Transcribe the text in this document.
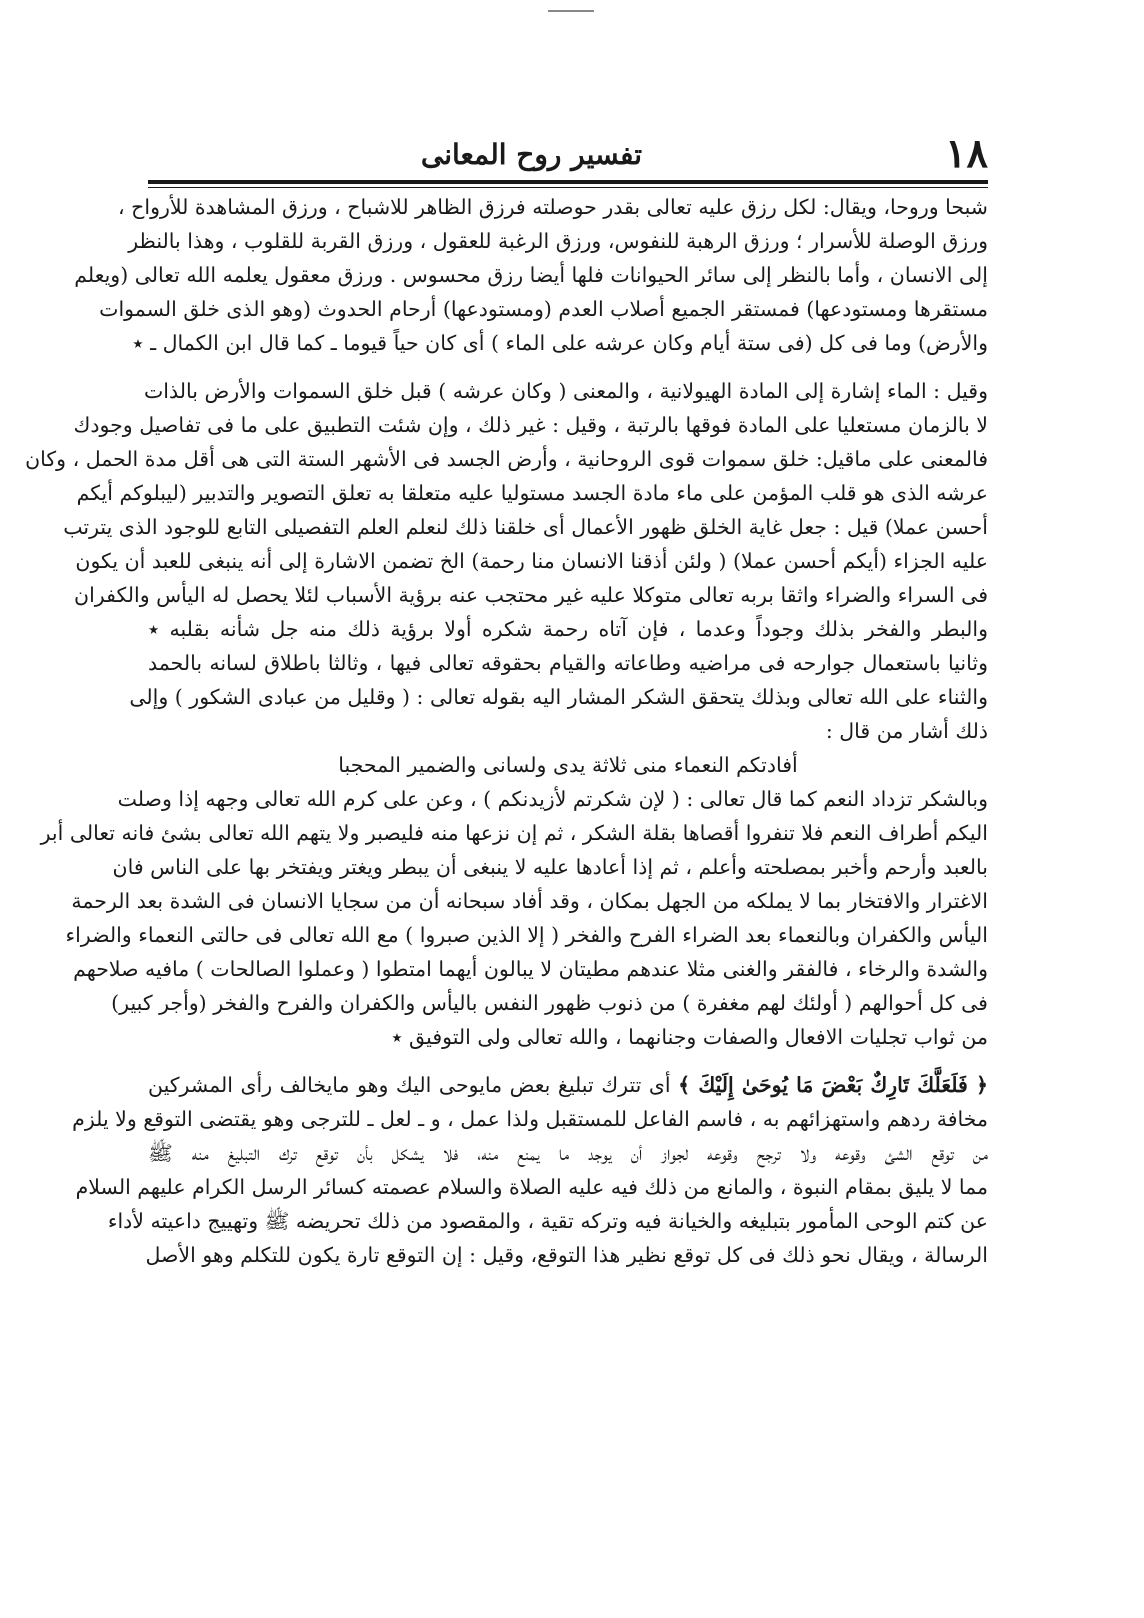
١٨
تفسير روح المعانى
شبحا وروحا، ويقال: لكل رزق عليه تعالى بقدر حوصلته فرزق الظاهر للاشباح ، ورزق المشاهدة للأرواح ،
ورزق الوصلة للأسرار ؛ ورزق الرهبة للنفوس، ورزق الرغبة للعقول ، ورزق القربة للقلوب ، وهذا بالنظر
إلى الانسان ، وأما بالنظر إلى سائر الحيوانات فلها أيضا رزق محسوس . ورزق معقول يعلمه الله تعالى (ويعلم
مستقرها ومستودعها) فمستقر الجميع أصلاب العدم (ومستودعها) أرحام الحدوث (وهو الذى خلق السموات
والأرض) وما فى كل (فى ستة أيام وكان عرشه على الماء ) أى كان حياً قيوما ـ كما قال ابن الكمال ـ ٭
وقيل : الماء إشارة إلى المادة الهيولانية ، والمعنى ( وكان عرشه ) قبل خلق السموات والأرض بالذات
لا بالزمان مستعليا على المادة فوقها بالرتبة ، وقيل : غير ذلك ، وإن شئت التطبيق على ما فى تفاصيل وجودك
فالمعنى على ماقيل: خلق سموات قوى الروحانية ، وأرض الجسد فى الأشهر الستة التى هى أقل مدة الحمل ، وكان
عرشه الذى هو قلب المؤمن على ماء مادة الجسد مستوليا عليه متعلقا به تعلق التصوير والتدبير (ليبلوكم أيكم
أحسن عملا) قيل : جعل غاية الخلق ظهور الأعمال أى خلقنا ذلك لنعلم العلم التفصيلى التابع للوجود الذى يترتب
عليه الجزاء (أيكم أحسن عملا) ( ولئن أذقنا الانسان منا رحمة) الخ تضمن الاشارة إلى أنه ينبغى للعبد أن يكون
فى السراء والضراء واثقا بربه تعالى متوكلا عليه غير محتجب عنه برؤية الأسباب لئلا يحصل له اليأس والكفران
والبطر والفخر بذلك وجوداً وعدما ، فإن آتاه رحمة شكره أولا برؤية ذلك منه جل شأنه بقلبه ٭
وثانيا باستعمال جوارحه فى مراضيه وطاعاته والقيام بحقوقه تعالى فيها ، وثالثا باطلاق لسانه بالحمد
والثناء على الله تعالى وبذلك يتحقق الشكر المشار اليه بقوله تعالى : ( وقليل من عبادى الشكور ) وإلى
ذلك أشار من قال :
أفادتكم النعماء منى ثلاثة يدى ولسانى والضمير المحجبا
وبالشكر تزداد النعم كما قال تعالى : ( لإن شكرتم لأزيدنكم ) ، وعن على كرم الله تعالى وجهه إذا وصلت
اليكم أطراف النعم فلا تنفروا أقصاها بقلة الشكر ، ثم إن نزعها منه فليصبر ولا يتهم الله تعالى بشئ فانه تعالى أبر
بالعبد وأرحم وأخبر بمصلحته وأعلم ، ثم إذا أعادها عليه لا ينبغى أن يبطر ويغتر ويفتخر بها على الناس فان
الاغترار والافتخار بما لا يملكه من الجهل بمكان ، وقد أفاد سبحانه أن من سجايا الانسان فى الشدة بعد الرحمة
اليأس والكفران وبالنعماء بعد الضراء الفرح والفخر ( إلا الذين صبروا ) مع الله تعالى فى حالتى النعماء والضراء
والشدة والرخاء ، فالفقر والغنى مثلا عندهم مطيتان لا يبالون أيهما امتطوا ( وعملوا الصالحات ) مافيه صلاحهم
فى كل أحوالهم ( أولئك لهم مغفرة ) من ذنوب ظهور النفس باليأس والكفران والفرح والفخر (وأجر كبير)
من ثواب تجليات الافعال والصفات وجنانهما ، والله تعالى ولى التوفيق ٭
﴿ فَلَعَلَّكَ تَارِكٌ بَعْضَ مَا يُوحَىٰ إِلَيْكَ ﴾ أى تترك تبليغ بعض مايوحى اليك وهو مايخالف رأى المشركين
مخافة ردهم واستهزائهم به ، فاسم الفاعل للمستقبل ولذا عمل ، و ـ لعل ـ للترجى وهو يقتضى التوقع ولا يلزم
من توقع الشئ وقوعه ولا ترجح وقوعه لجواز أن يوجد ما يمنع منه، فلا يشكل بأن توقع ترك التبليغ منه ﷺ
مما لا يليق بمقام النبوة ، والمانع من ذلك فيه عليه الصلاة والسلام عصمته كسائر الرسل الكرام عليهم السلام
عن كتم الوحى المأمور بتبليغه والخيانة فيه وتركه تقية ، والمقصود من ذلك تحريضه ﷺ وتهييج داعيته لأداء
الرسالة ، ويقال نحو ذلك فى كل توقع نظير هذا التوقع، وقيل : إن التوقع تارة يكون للتكلم وهو الأصل
